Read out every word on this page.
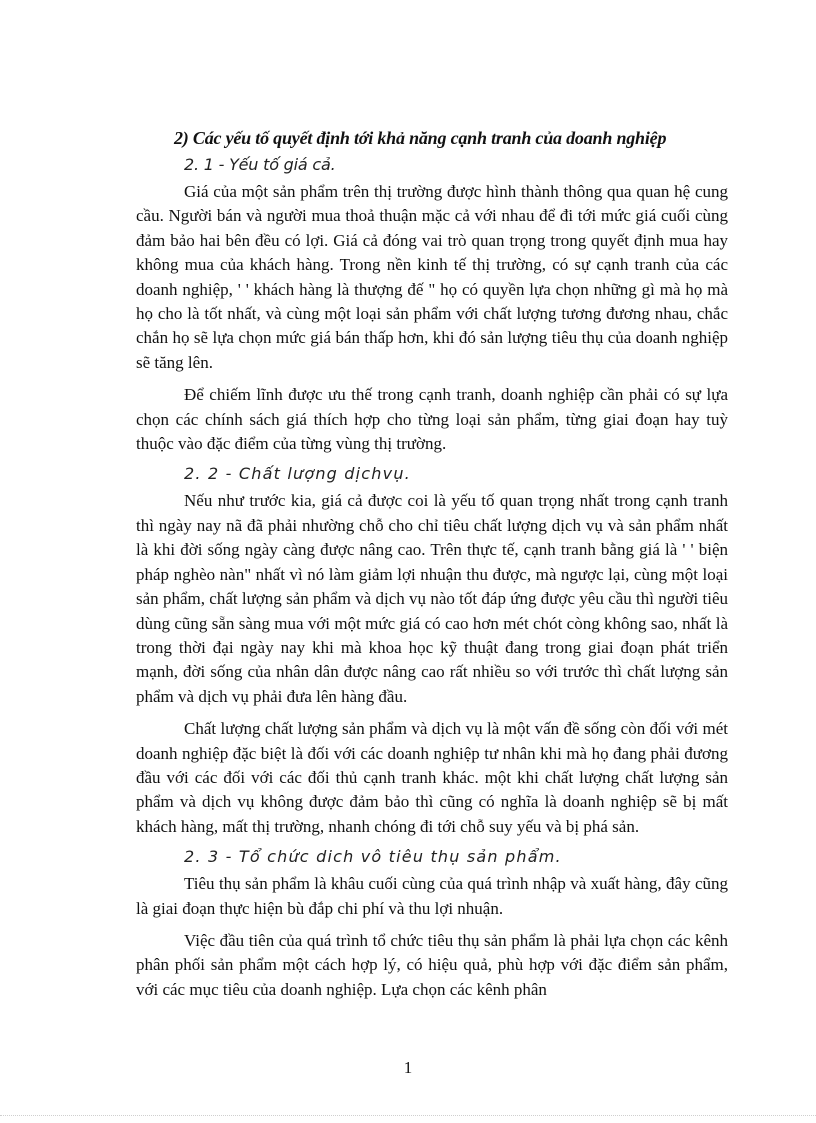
2) Các yếu tố quyết định tới khả năng cạnh tranh của doanh nghiệp
2. 1 - Yếu tố giá cả.

Giá của một sản phẩm trên thị trường được hình thành thông qua quan hệ cung cầu. Người bán và người mua thoả thuận mặc cả với nhau để đi tới mức giá cuối cùng đảm bảo hai bên đều có lợi. Giá cả đóng vai trò quan trọng trong quyết định mua hay không mua của khách hàng. Trong nền kinh tế thị trường, có sự cạnh tranh của các doanh nghiệp, ' ' khách hàng là thượng đế " họ có quyền lựa chọn những gì mà họ mà họ cho là tốt nhất, và cùng một loại sản phẩm với chất lượng tương đương nhau, chắc chắn họ sẽ lựa chọn mức giá bán thấp hơn, khi đó sản lượng tiêu thụ của doanh nghiệp sẽ tăng lên.

Để chiếm lĩnh được ưu thế trong cạnh tranh, doanh nghiệp cần phải có sự lựa chọn các chính sách giá thích hợp cho từng loại sản phẩm, từng giai đoạn hay tuỳ thuộc vào đặc điểm của từng vùng thị trường.

2. 2 - Chất lượng dịchvụ.

Nếu như trước kia, giá cả được coi là yếu tố quan trọng nhất trong cạnh tranh thì ngày nay nã đã phải nhường chỗ cho chỉ tiêu chất lượng dịch vụ và sản phẩm nhất là khi đời sống ngày càng được nâng cao. Trên thực tế, cạnh tranh bằng giá là ' ' biện pháp nghèo nàn" nhất vì nó làm giảm lợi nhuận thu được, mà ngược lại, cùng một loại sản phẩm, chất lượng sản phẩm và dịch vụ nào tốt đáp ứng được yêu cầu thì người tiêu dùng cũng sẵn sàng mua với một mức giá có cao hơn mét chót còng không sao, nhất là trong thời đại ngày nay khi mà khoa học kỹ thuật đang trong giai đoạn phát triển mạnh, đời sống của nhân dân được nâng cao rất nhiều so với trước thì chất lượng sản phẩm và dịch vụ phải đưa lên hàng đầu.

Chất lượng chất lượng sản phẩm và dịch vụ là một vấn đề sống còn đối với mét doanh nghiệp đặc biệt là đối với các doanh nghiệp tư nhân khi mà họ đang phải đương đầu với các đối với các đối thủ cạnh tranh khác. một khi chất lượng chất lượng sản phẩm và dịch vụ không được đảm bảo thì cũng có nghĩa là doanh nghiệp sẽ bị mất khách hàng, mất thị trường, nhanh chóng đi tới chỗ suy yếu và bị phá sản.

2. 3 - Tổ chức dich vô tiêu thụ sản phẩm.

Tiêu thụ sản phẩm là khâu cuối cùng của quá trình nhập và xuất hàng, đây cũng là giai đoạn thực hiện bù đắp chi phí và thu lợi nhuận.

Việc đầu tiên của quá trình tổ chức tiêu thụ sản phẩm là phải lựa chọn các kênh phân phối sản phẩm một cách hợp lý, có hiệu quả, phù hợp với đặc điểm sản phẩm, với các mục tiêu của doanh nghiệp. Lựa chọn các kênh phân

1
